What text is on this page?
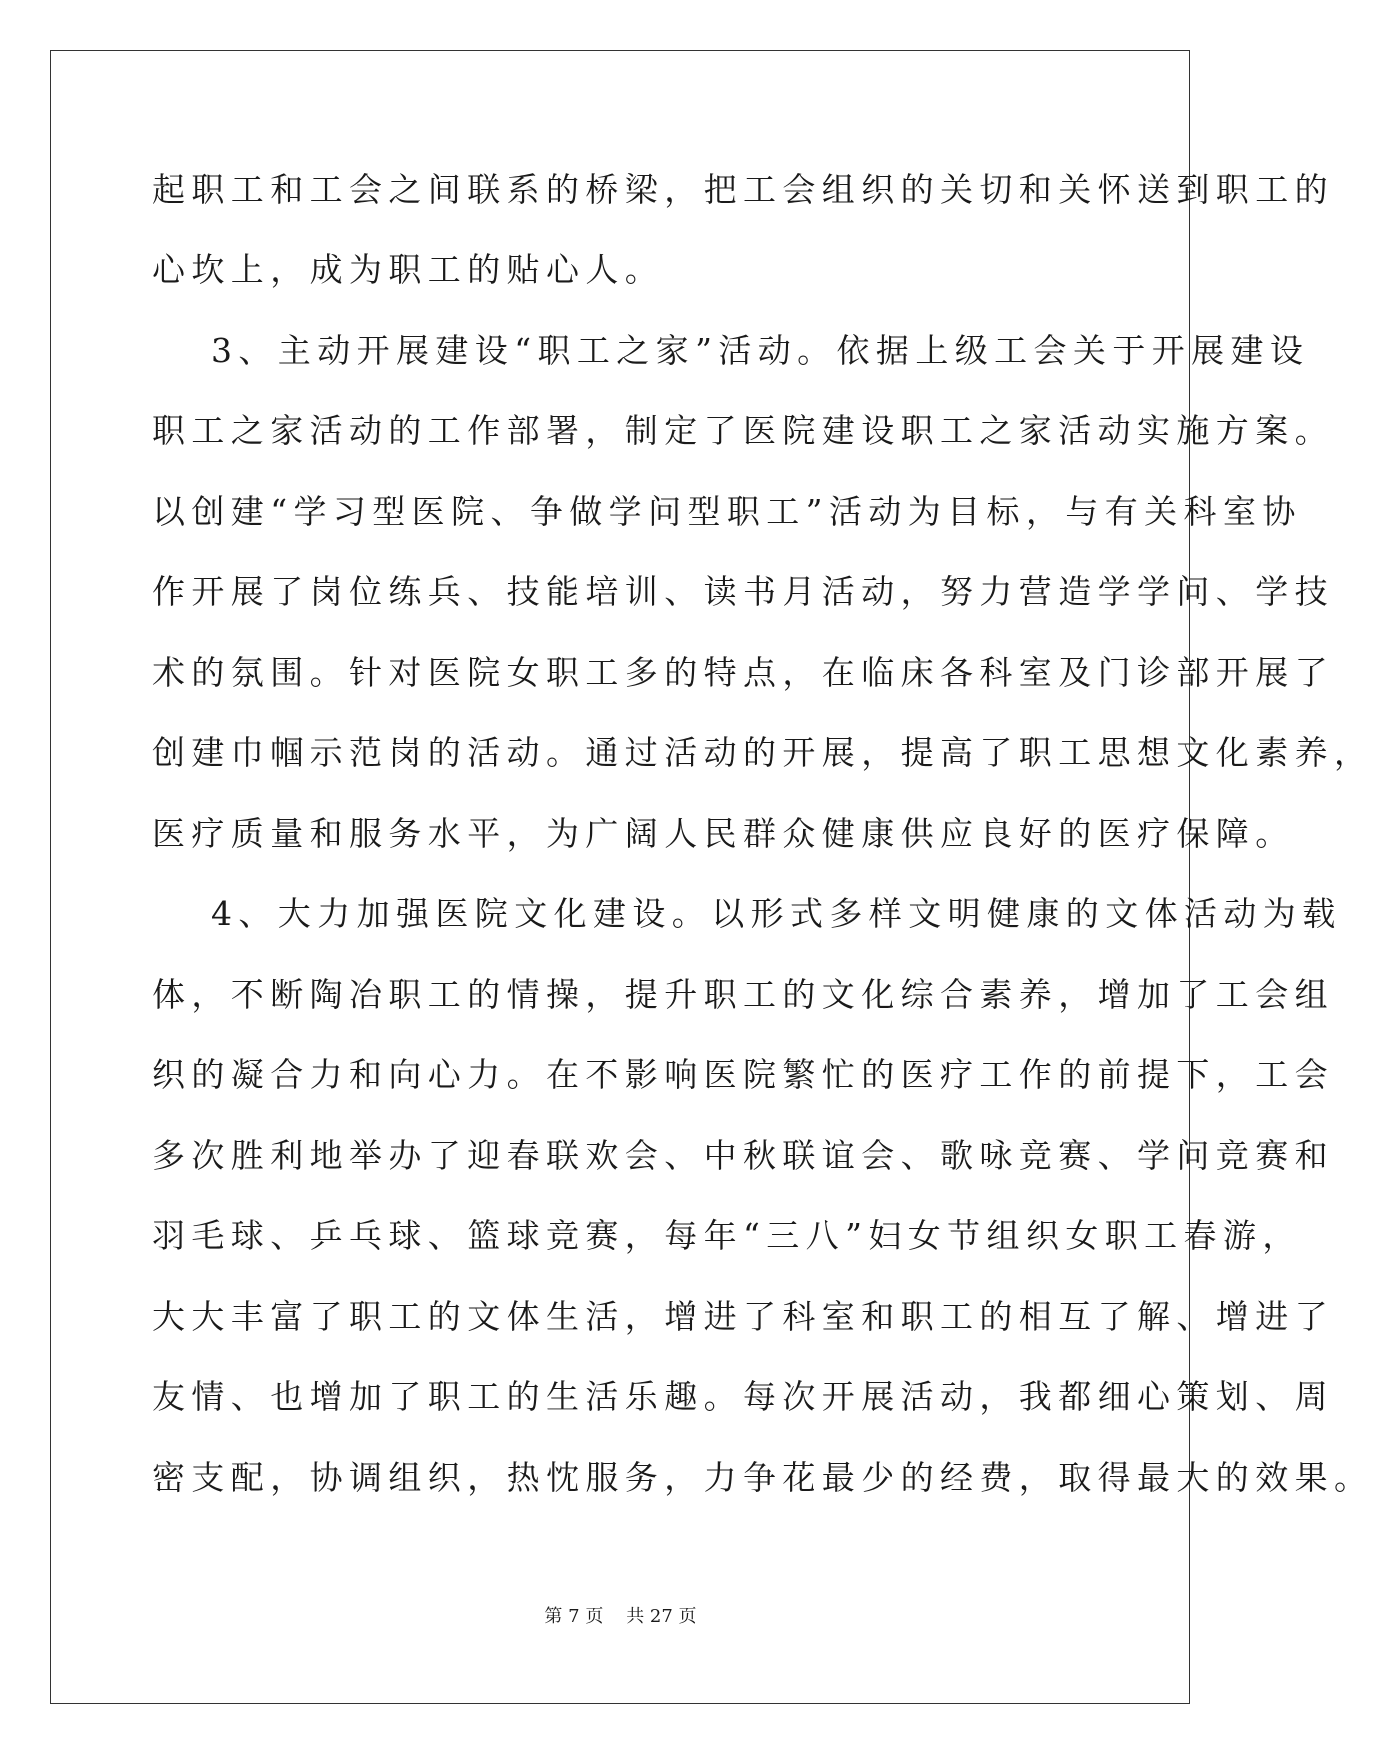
起职工和工会之间联系的桥梁，把工会组织的关切和关怀送到职工的

心坎上，成为职工的贴心人。

3、主动开展建设“职工之家”活动。依据上级工会关于开展建设

职工之家活动的工作部署，制定了医院建设职工之家活动实施方案。

以创建“学习型医院、争做学问型职工”活动为目标，与有关科室协

作开展了岗位练兵、技能培训、读书月活动，努力营造学学问、学技

术的氛围。针对医院女职工多的特点，在临床各科室及门诊部开展了

创建巾帼示范岗的活动。通过活动的开展，提高了职工思想文化素养，

医疗质量和服务水平，为广阔人民群众健康供应良好的医疗保障。

4、大力加强医院文化建设。以形式多样文明健康的文体活动为载

体，不断陶冶职工的情操，提升职工的文化综合素养，增加了工会组

织的凝合力和向心力。在不影响医院繁忙的医疗工作的前提下，工会

多次胜利地举办了迎春联欢会、中秋联谊会、歌咏竞赛、学问竞赛和

羽毛球、乒乓球、篮球竞赛，每年“三八”妇女节组织女职工春游，

大大丰富了职工的文体生活，增进了科室和职工的相互了解、增进了

友情、也增加了职工的生活乐趣。每次开展活动，我都细心策划、周

密支配，协调组织，热忱服务，力争花最少的经费，取得最大的效果。

第 7 页    共 27 页
